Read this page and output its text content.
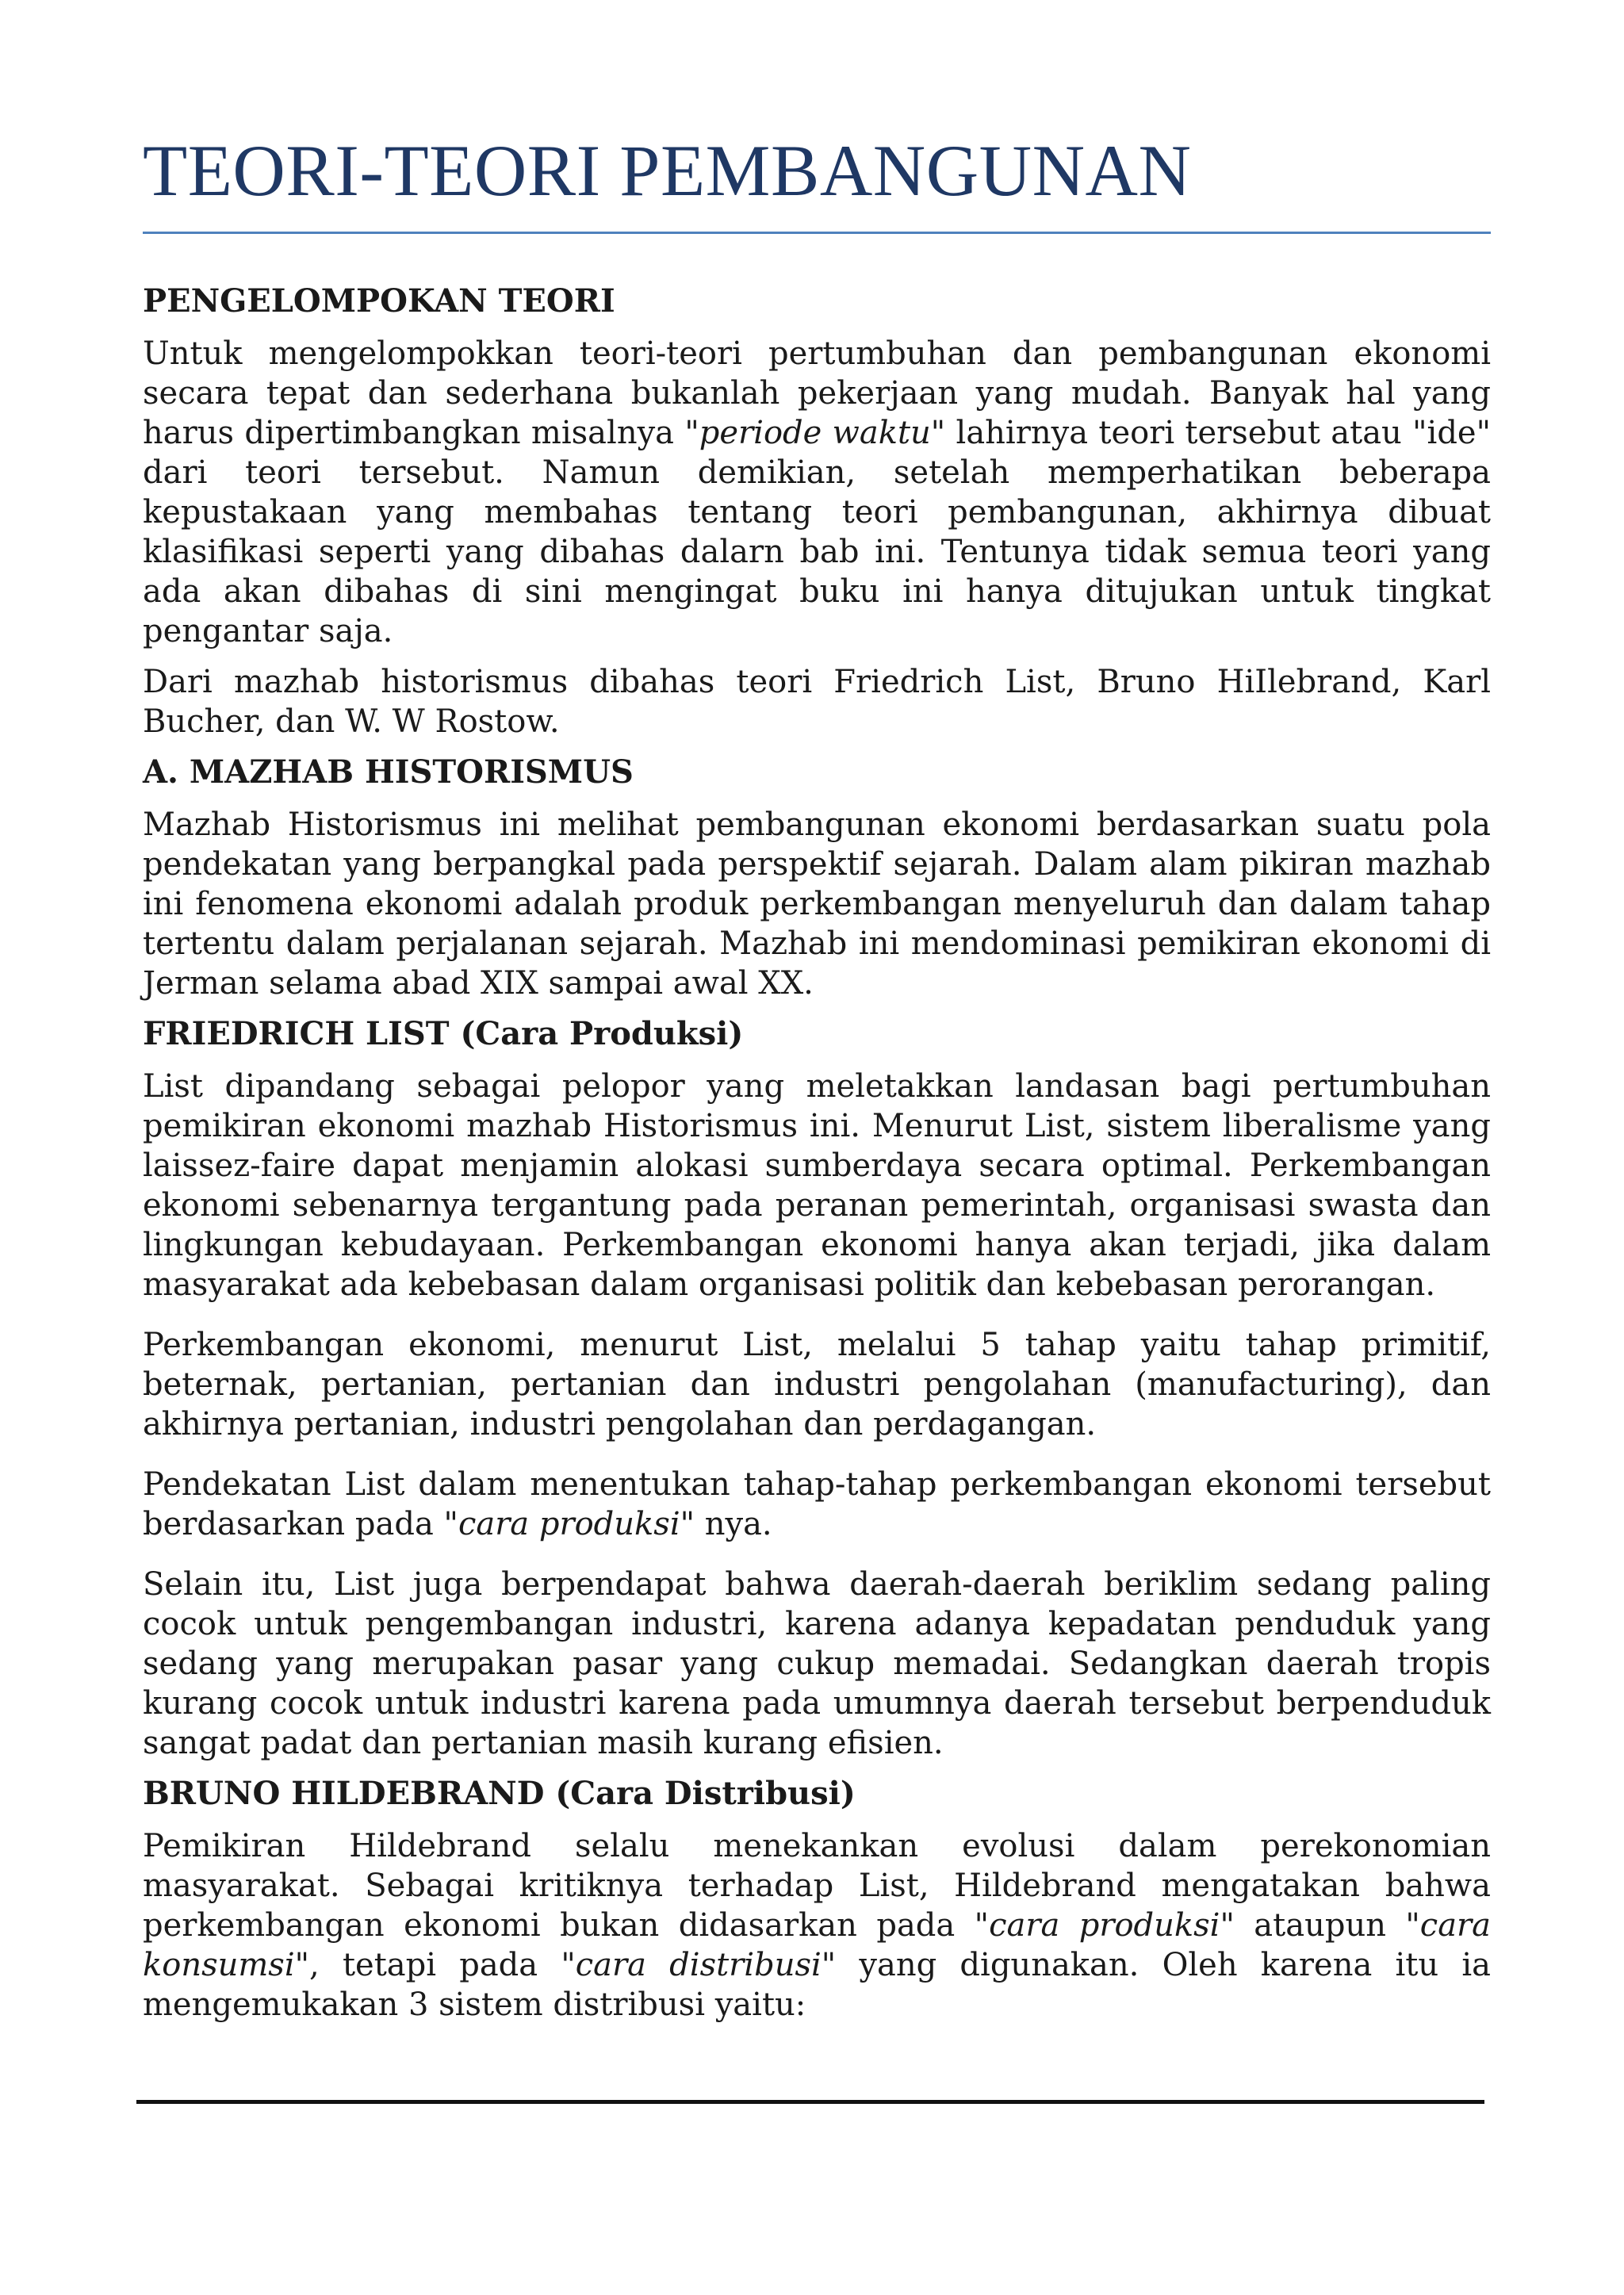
TEORI-TEORI PEMBANGUNAN
PENGELOMPOKAN TEORI

Untuk mengelompokkan teori-teori pertumbuhan dan pembangunan ekonomi secara tepat dan sederhana bukanlah pekerjaan yang mudah. Banyak hal yang harus dipertimbangkan misalnya "periode waktu" lahirnya teori tersebut atau "ide" dari teori tersebut. Namun demikian, setelah memperhatikan beberapa kepustakaan yang membahas tentang teori pembangunan, akhirnya dibuat klasifikasi seperti yang dibahas dalarn bab ini. Tentunya tidak semua teori yang ada akan dibahas di sini mengingat buku ini hanya ditujukan untuk tingkat pengantar saja.

Dari mazhab historismus dibahas teori Friedrich List, Bruno HiIlebrand, Karl Bucher, dan W. W Rostow.

A. MAZHAB HISTORISMUS

Mazhab Historismus ini melihat pembangunan ekonomi berdasarkan suatu pola pendekatan yang berpangkal pada perspektif sejarah. Dalam alam pikiran mazhab ini fenomena ekonomi adalah produk perkembangan menyeluruh dan dalam tahap tertentu dalam perjalanan sejarah. Mazhab ini mendominasi pemikiran ekonomi di Jerman selama abad XIX sampai awal XX.

FRIEDRICH LIST (Cara Produksi)

List dipandang sebagai pelopor yang meletakkan landasan bagi pertumbuhan pemikiran ekonomi mazhab Historismus ini. Menurut List, sistem liberalisme yang laissez-faire dapat menjamin alokasi sumberdaya secara optimal. Perkembangan ekonomi sebenarnya tergantung pada peranan pemerintah, organisasi swasta dan lingkungan kebudayaan. Perkembangan ekonomi hanya akan terjadi, jika dalam masyarakat ada kebebasan dalam organisasi politik dan kebebasan perorangan.

Perkembangan ekonomi, menurut List, melalui 5 tahap yaitu tahap primitif, beternak, pertanian, pertanian dan industri pengolahan (manufacturing), dan akhirnya pertanian, industri pengolahan dan perdagangan.

Pendekatan List dalam menentukan tahap-tahap perkembangan ekonomi tersebut berdasarkan pada "cara produksi" nya.

Selain itu, List juga berpendapat bahwa daerah-daerah beriklim sedang paling cocok untuk pengembangan industri, karena adanya kepadatan penduduk yang sedang yang merupakan pasar yang cukup memadai. Sedangkan daerah tropis kurang cocok untuk industri karena pada umumnya daerah tersebut berpenduduk sangat padat dan pertanian masih kurang efisien.

BRUNO HILDEBRAND (Cara Distribusi)

Pemikiran Hildebrand selalu menekankan evolusi dalam perekonomian masyarakat. Sebagai kritiknya terhadap List, Hildebrand mengatakan bahwa perkembangan ekonomi bukan didasarkan pada "cara produksi" ataupun "cara konsumsi", tetapi pada "cara distribusi" yang digunakan. Oleh karena itu ia mengemukakan 3 sistem distribusi yaitu:
